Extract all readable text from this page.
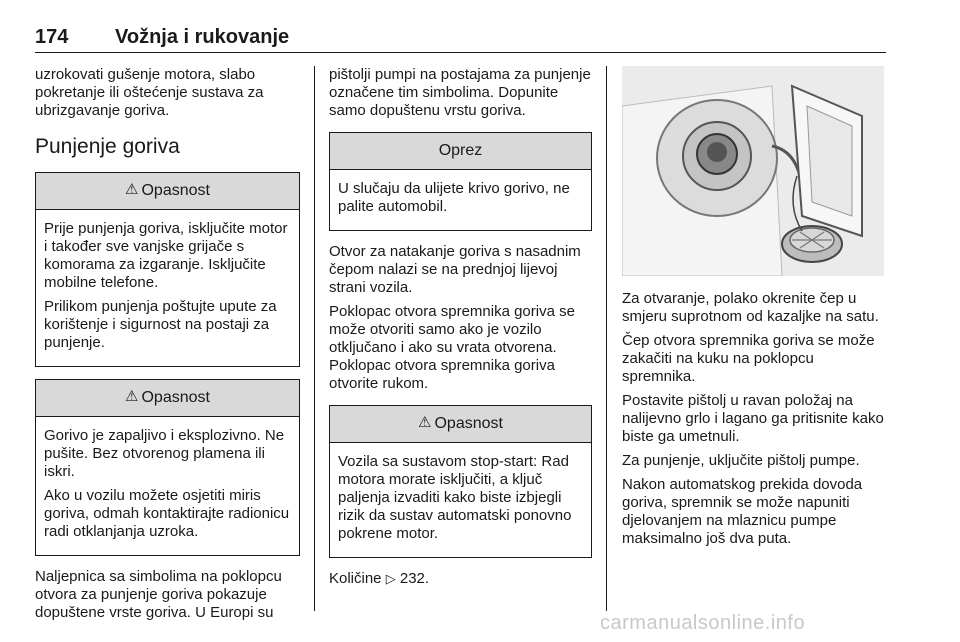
174 Vožnja i rukovanje

uzrokovati gušenje motora, slabo pokretanje ili oštećenje sustava za ubrizgavanje goriva.

Punjenje goriva
⚠ Opasnost

Prije punjenja goriva, isključite motor i također sve vanjske grijače s komorama za izgaranje. Isključite mobilne telefone.

Prilikom punjenja poštujte upute za korištenje i sigurnost na postaji za punjenje.

⚠ Opasnost

Gorivo je zapaljivo i eksplozivno. Ne pušite. Bez otvorenog plamena ili iskri.

Ako u vozilu možete osjetiti miris goriva, odmah kontaktirajte radionicu radi otklanjanja uzroka.

Naljepnica sa simbolima na poklopcu otvora za punjenje goriva pokazuje dopuštene vrste goriva. U Europi su

pištolji pumpi na postajama za punjenje označene tim simbolima. Dopunite samo dopuštenu vrstu goriva.

Oprez

U slučaju da ulijete krivo gorivo, ne palite automobil.

Otvor za natakanje goriva s nasadnim čepom nalazi se na prednjoj lijevoj strani vozila.

Poklopac otvora spremnika goriva se može otvoriti samo ako je vozilo otključano i ako su vrata otvorena. Poklopac otvora spremnika goriva otvorite rukom.

⚠ Opasnost

Vozila sa sustavom stop-start: Rad motora morate isključiti, a ključ paljenja izvaditi kako biste izbjegli rizik da sustav automatski ponovno pokrene motor.

Količine ▷ 232.

Za otvaranje, polako okrenite čep u smjeru suprotnom od kazaljke na satu.

Čep otvora spremnika goriva se može zakačiti na kuku na poklopcu spremnika.

Postavite pištolj u ravan položaj na nalijevno grlo i lagano ga pritisnite kako biste ga umetnuli.

Za punjenje, uključite pištolj pumpe.

Nakon automatskog prekida dovoda goriva, spremnik se može napuniti djelovanjem na mlaznicu pumpe maksimalno još dva puta.

carmanualsonline.info
